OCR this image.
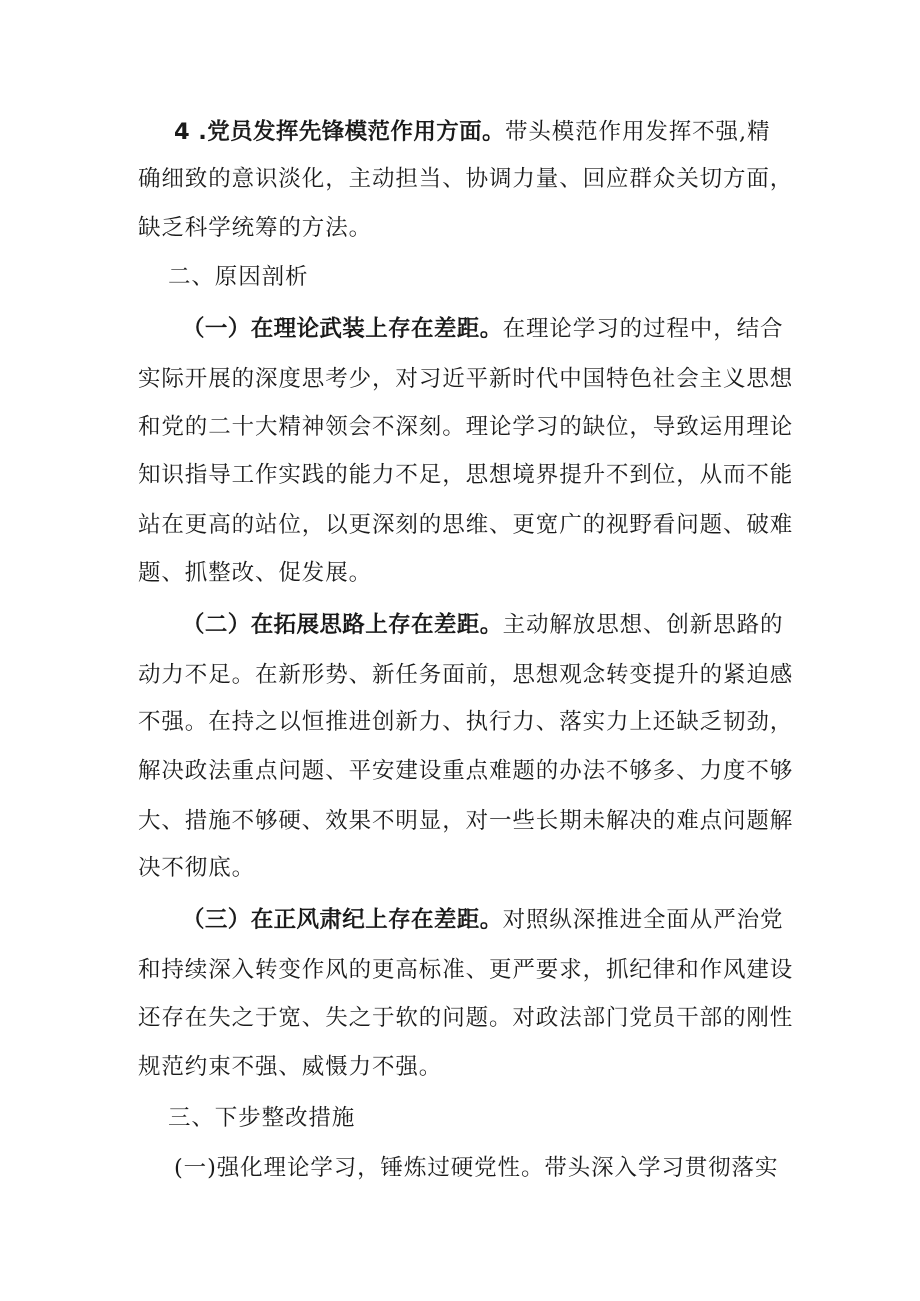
4 .党员发挥先锋模范作用方面。带头模范作用发挥不强,精
确细致的意识淡化，主动担当、协调力量、回应群众关切方面，
缺乏科学统筹的方法。
二、原因剖析
（一）在理论武装上存在差距。在理论学习的过程中，结合
实际开展的深度思考少，对习近平新时代中国特色社会主义思想
和党的二十大精神领会不深刻。理论学习的缺位，导致运用理论
知识指导工作实践的能力不足，思想境界提升不到位，从而不能
站在更高的站位，以更深刻的思维、更宽广的视野看问题、破难
题、抓整改、促发展。
（二）在拓展思路上存在差距。主动解放思想、创新思路的
动力不足。在新形势、新任务面前，思想观念转变提升的紧迫感
不强。在持之以恒推进创新力、执行力、落实力上还缺乏韧劲，
解决政法重点问题、平安建设重点难题的办法不够多、力度不够
大、措施不够硬、效果不明显，对一些长期未解决的难点问题解
决不彻底。
（三）在正风肃纪上存在差距。对照纵深推进全面从严治党
和持续深入转变作风的更高标准、更严要求，抓纪律和作风建设
还存在失之于宽、失之于软的问题。对政法部门党员干部的刚性
规范约束不强、威慑力不强。
三、下步整改措施
(一)强化理论学习，锤炼过硬党性。带头深入学习贯彻落实
